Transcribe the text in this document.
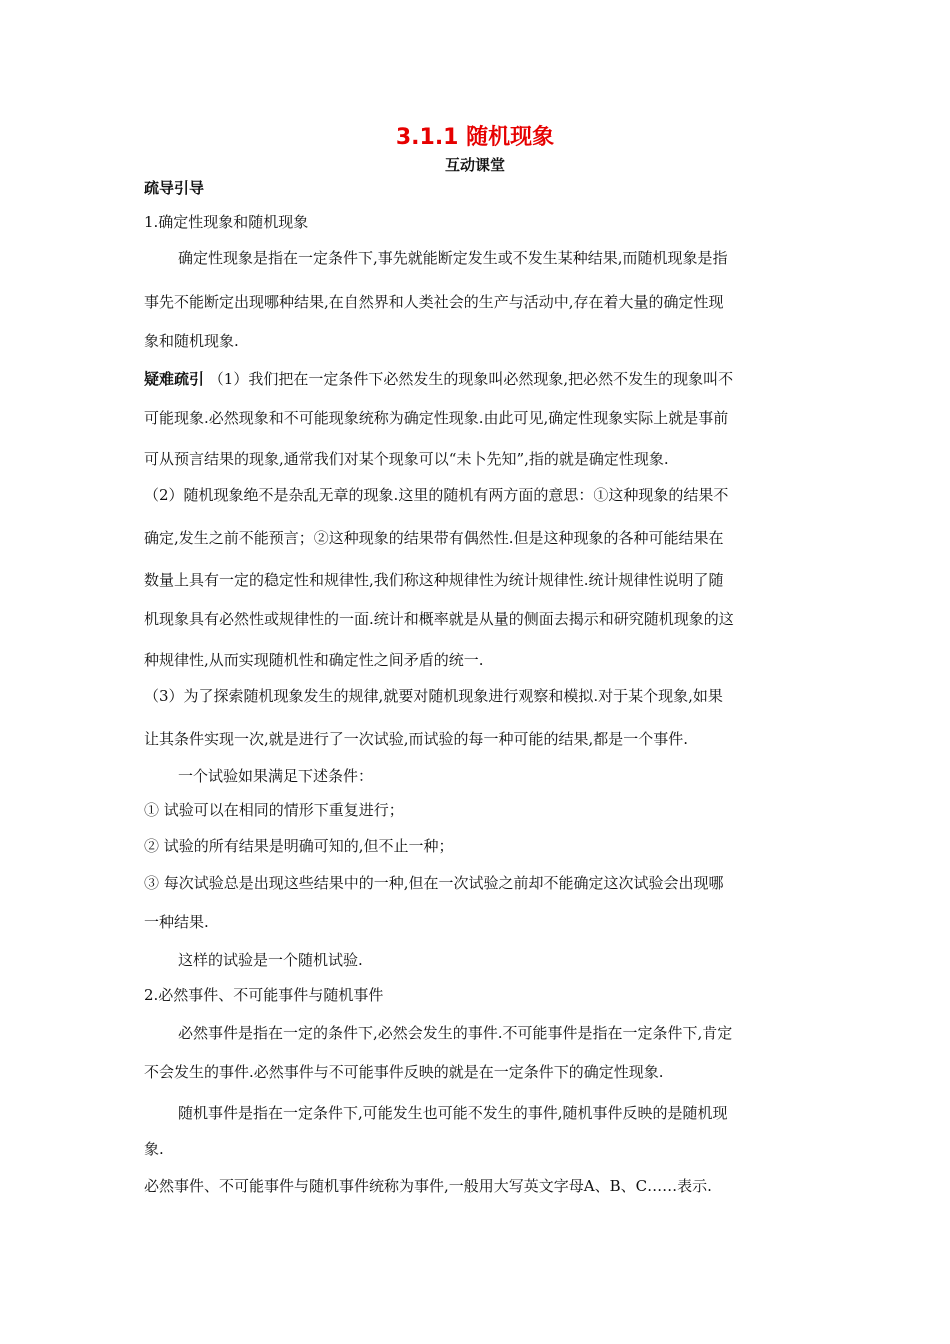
3.1.1 随机现象
互动课堂
疏导引导
1.确定性现象和随机现象
确定性现象是指在一定条件下,事先就能断定发生或不发生某种结果,而随机现象是指
事先不能断定出现哪种结果,在自然界和人类社会的生产与活动中,存在着大量的确定性现
象和随机现象.
疑难疏引 （1）我们把在一定条件下必然发生的现象叫必然现象,把必然不发生的现象叫不
可能现象.必然现象和不可能现象统称为确定性现象.由此可见,确定性现象实际上就是事前
可从预言结果的现象,通常我们对某个现象可以“未卜先知”,指的就是确定性现象.
（2）随机现象绝不是杂乱无章的现象.这里的随机有两方面的意思：①这种现象的结果不
确定,发生之前不能预言；②这种现象的结果带有偶然性.但是这种现象的各种可能结果在
数量上具有一定的稳定性和规律性,我们称这种规律性为统计规律性.统计规律性说明了随
机现象具有必然性或规律性的一面.统计和概率就是从量的侧面去揭示和研究随机现象的这
种规律性,从而实现随机性和确定性之间矛盾的统一.
（3）为了探索随机现象发生的规律,就要对随机现象进行观察和模拟.对于某个现象,如果
让其条件实现一次,就是进行了一次试验,而试验的每一种可能的结果,都是一个事件.
一个试验如果满足下述条件：
① 试验可以在相同的情形下重复进行；
② 试验的所有结果是明确可知的,但不止一种；
③ 每次试验总是出现这些结果中的一种,但在一次试验之前却不能确定这次试验会出现哪
一种结果.
这样的试验是一个随机试验.
2.必然事件、不可能事件与随机事件
必然事件是指在一定的条件下,必然会发生的事件.不可能事件是指在一定条件下,肯定
不会发生的事件.必然事件与不可能事件反映的就是在一定条件下的确定性现象.
随机事件是指在一定条件下,可能发生也可能不发生的事件,随机事件反映的是随机现
象.
必然事件、不可能事件与随机事件统称为事件,一般用大写英文字母A、B、C……表示.
